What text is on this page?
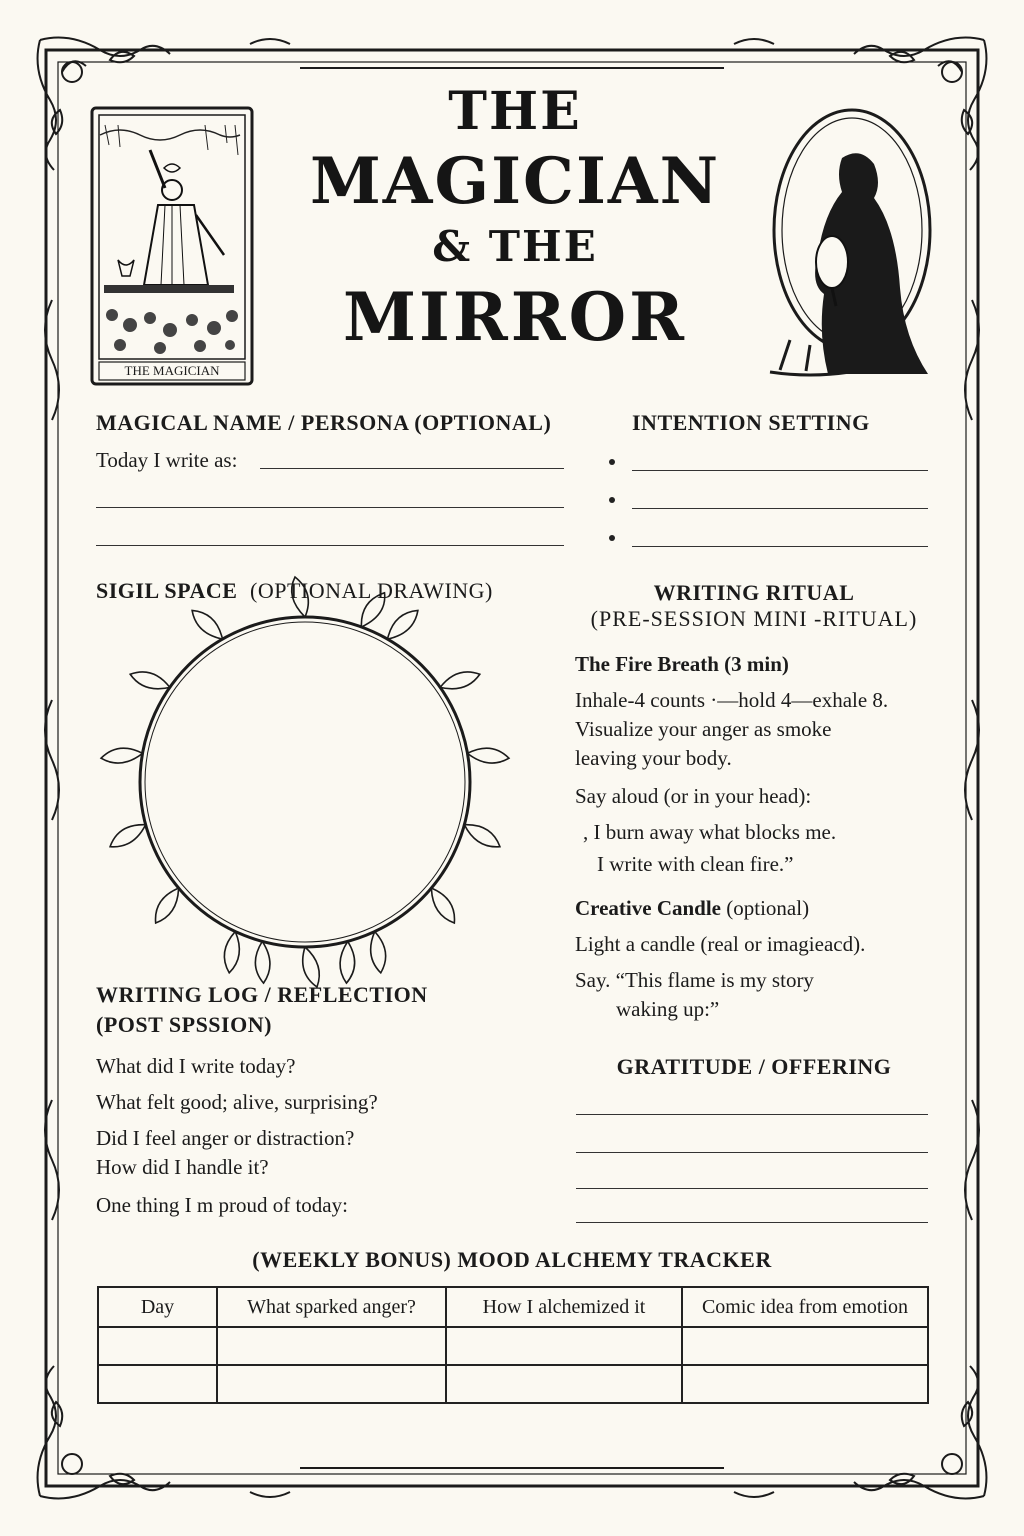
THE MAGICIAN
THE
MAGICIAN
& THE
MIRROR
MAGICAL NAME / PERSONA (OPTIONAL)
Today I write as:
INTENTION SETTING
SIGIL SPACE (OPTIONAL DRAWING)	WRITING RITUAL
(PRE-SESSION MINI -RITUAL)
The Fire Breath (3 min)
Inhale-4 counts ·—hold 4—exhale 8.
Visualize your anger as smoke
leaving your body.
Say aloud (or in your head):
, I burn away what blocks me.
I write with clean fire.”
Creative Candle (optional)
Light a candle (real or imagieacd).
Say. “This flame is my story
waking up:”
WRITING LOG / REFLECTION
(POST SPSSION)
What did I write today?
What felt good; alive, surprising?
Did I feel anger or distraction?
How did I handle it?
One thing I m proud of today:
GRATITUDE / OFFERING
(WEEKLY BONUS) MOOD ALCHEMY TRACKER
Day	What sparked anger?	How I alchemized it	Comic idea from emotion
